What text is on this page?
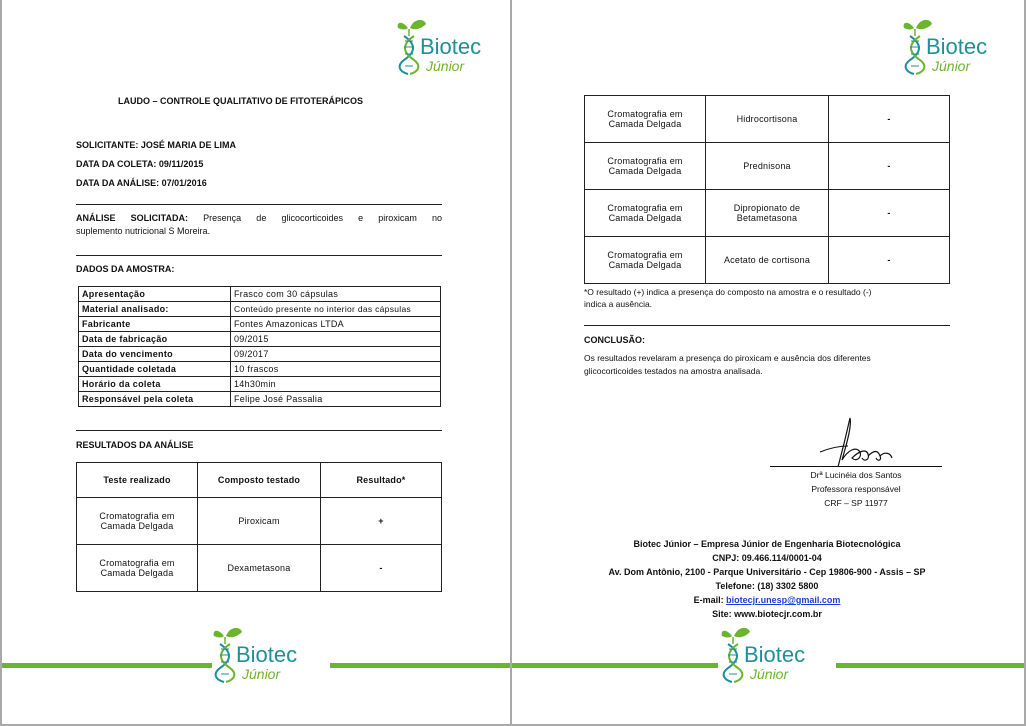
Biotec
Júnior
LAUDO – CONTROLE QUALITATIVO DE FITOTERÁPICOS
SOLICITANTE: JOSÉ MARIA DE LIMA
DATA DA COLETA: 09/11/2015
DATA DA ANÁLISE: 07/01/2016
ANÁLISE SOLICITADA: Presença de glicocorticoides e piroxicam no
suplemento nutricional S Moreira.
DADOS DA AMOSTRA:
Apresentação	Frasco com 30 cápsulas
Material analisado:	Conteúdo presente no interior das cápsulas
Fabricante	Fontes Amazonicas LTDA
Data de fabricação	09/2015
Data do vencimento	09/2017
Quantidade coletada	10 frascos
Horário da coleta	14h30min
Responsável pela coleta	Felipe José Passalia
RESULTADOS DA ANÁLISE
Teste realizado	Composto testado	Resultado*
Cromatografia em
Camada Delgada	Piroxicam	+
Cromatografia em
Camada Delgada	Dexametasona	-
Biotec
Júnior
Biotec
Júnior
Cromatografia em
Camada Delgada	Hidrocortisona	-
Cromatografia em
Camada Delgada	Prednisona	-
Cromatografia em
Camada Delgada	Dipropionato de
Betametasona	-
Cromatografia em
Camada Delgada	Acetato de cortisona	-
*O resultado (+) indica a presença do composto na amostra e o resultado (-)
indica a ausência.
CONCLUSÃO:
Os resultados revelaram a presença do piroxicam e ausência dos diferentes
glicocorticoides testados na amostra analisada.
Drª Lucinéia dos Santos
Professora responsável
CRF – SP 11977
Biotec Júnior – Empresa Júnior de Engenharia Biotecnológica
CNPJ: 09.466.114/0001-04
Av. Dom Antônio, 2100 - Parque Universitário - Cep 19806-900 - Assis – SP
Telefone: (18) 3302 5800
E-mail: biotecjr.unesp@gmail.com
Site: www.biotecjr.com.br
Biotec
Júnior
